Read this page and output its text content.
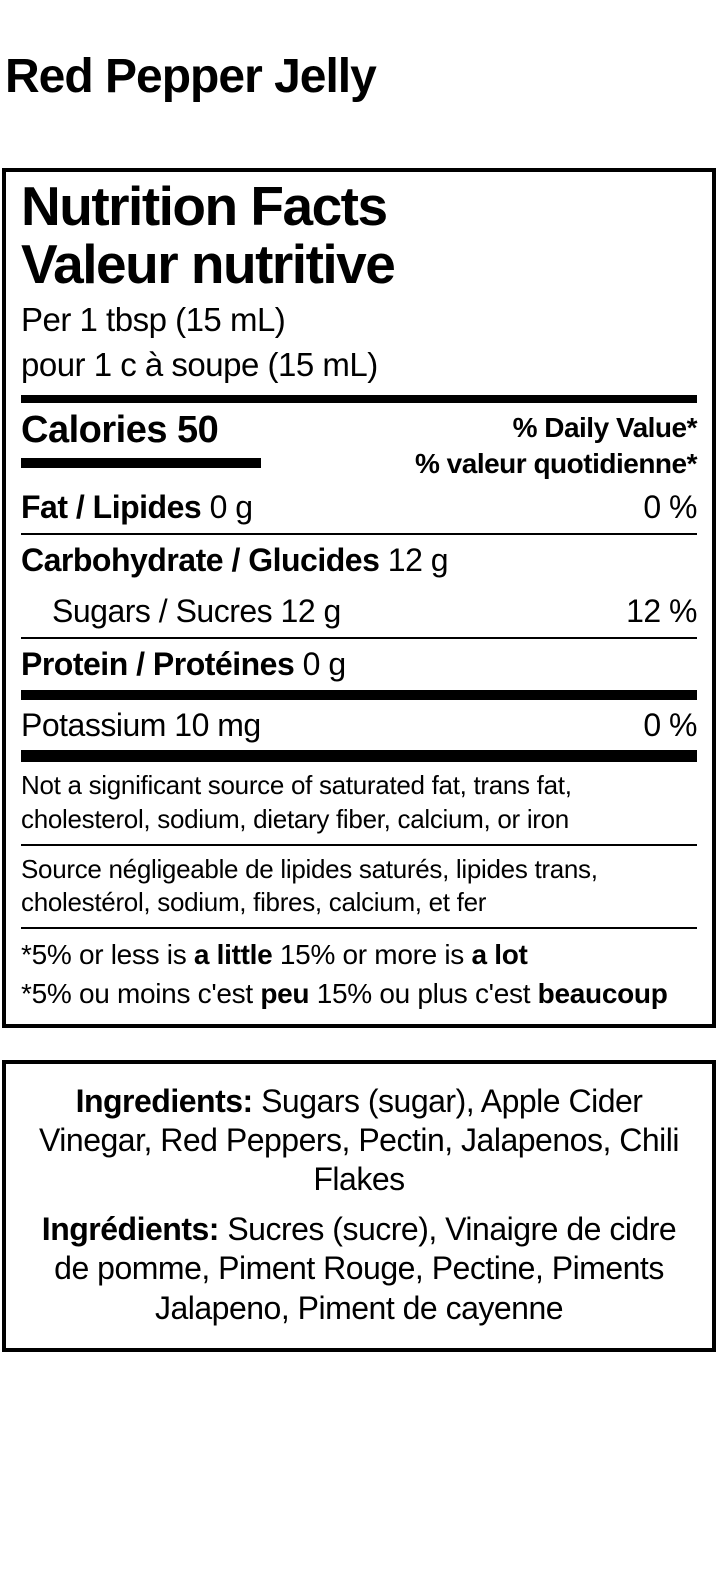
Red Pepper Jelly
Nutrition Facts
Valeur nutritive
Per 1 tbsp (15 mL)
pour 1 c à soupe (15 mL)
Calories 50	% Daily Value*
% valeur quotidienne*
Fat / Lipides 0 g	0 %
Carbohydrate / Glucides 12 g
Sugars / Sucres 12 g	12 %
Protein / Protéines 0 g
Potassium 10 mg	0 %
Not a significant source of saturated fat, trans fat, cholesterol, sodium, dietary fiber, calcium, or iron
Source négligeable de lipides saturés, lipides trans, cholestérol, sodium, fibres, calcium, et fer
*5% or less is a little 15% or more is a lot
*5% ou moins c'est peu 15% ou plus c'est beaucoup
Ingredients: Sugars (sugar), Apple Cider Vinegar, Red Peppers, Pectin, Jalapenos, Chili Flakes
Ingrédients: Sucres (sucre), Vinaigre de cidre de pomme, Piment Rouge, Pectine, Piments Jalapeno, Piment de cayenne
